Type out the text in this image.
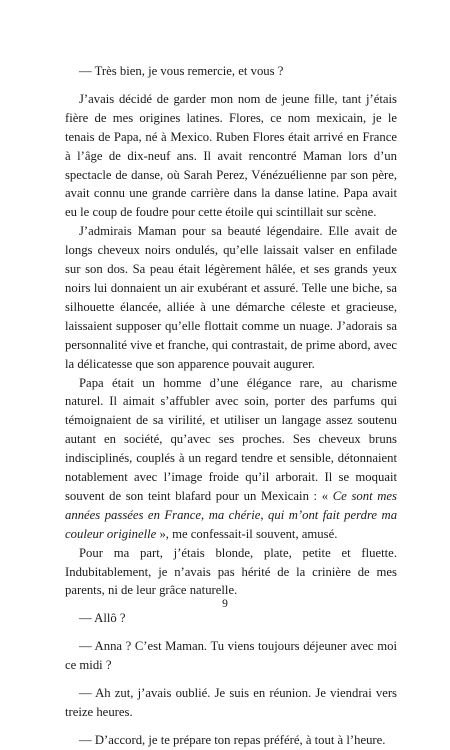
— Très bien, je vous remercie, et vous ?

J’avais décidé de garder mon nom de jeune fille, tant j’étais fière de mes origines latines. Flores, ce nom mexicain, je le tenais de Papa, né à Mexico. Ruben Flores était arrivé en France à l’âge de dix-neuf ans. Il avait rencontré Maman lors d’un spectacle de danse, où Sarah Perez, Vénézuélienne par son père, avait connu une grande carrière dans la danse latine. Papa avait eu le coup de foudre pour cette étoile qui scintillait sur scène.

J’admirais Maman pour sa beauté légendaire. Elle avait de longs cheveux noirs ondulés, qu’elle laissait valser en enfilade sur son dos. Sa peau était légèrement hâlée, et ses grands yeux noirs lui donnaient un air exubérant et assuré. Telle une biche, sa silhouette élancée, alliée à une démarche céleste et gracieuse, laissaient supposer qu’elle flottait comme un nuage. J’adorais sa personnalité vive et franche, qui contrastait, de prime abord, avec la délicatesse que son apparence pouvait augurer.

Papa était un homme d’une élégance rare, au charisme naturel. Il aimait s’affubler avec soin, porter des parfums qui témoignaient de sa virilité, et utiliser un langage assez soutenu autant en société, qu’avec ses proches. Ses cheveux bruns indisciplinés, couplés à un regard tendre et sensible, détonnaient notablement avec l’image froide qu’il arborait. Il se moquait souvent de son teint blafard pour un Mexicain : « Ce sont mes années passées en France, ma chérie, qui m’ont fait perdre ma couleur originelle », me confessait-il souvent, amusé.

Pour ma part, j’étais blonde, plate, petite et fluette. Indubitablement, je n’avais pas hérité de la crinière de mes parents, ni de leur grâce naturelle.

— Allô ?

— Anna ? C’est Maman. Tu viens toujours déjeuner avec moi ce midi ?

— Ah zut, j’avais oublié. Je suis en réunion. Je viendrai vers treize heures.

— D’accord, je te prépare ton repas préféré, à tout à l’heure.

9
